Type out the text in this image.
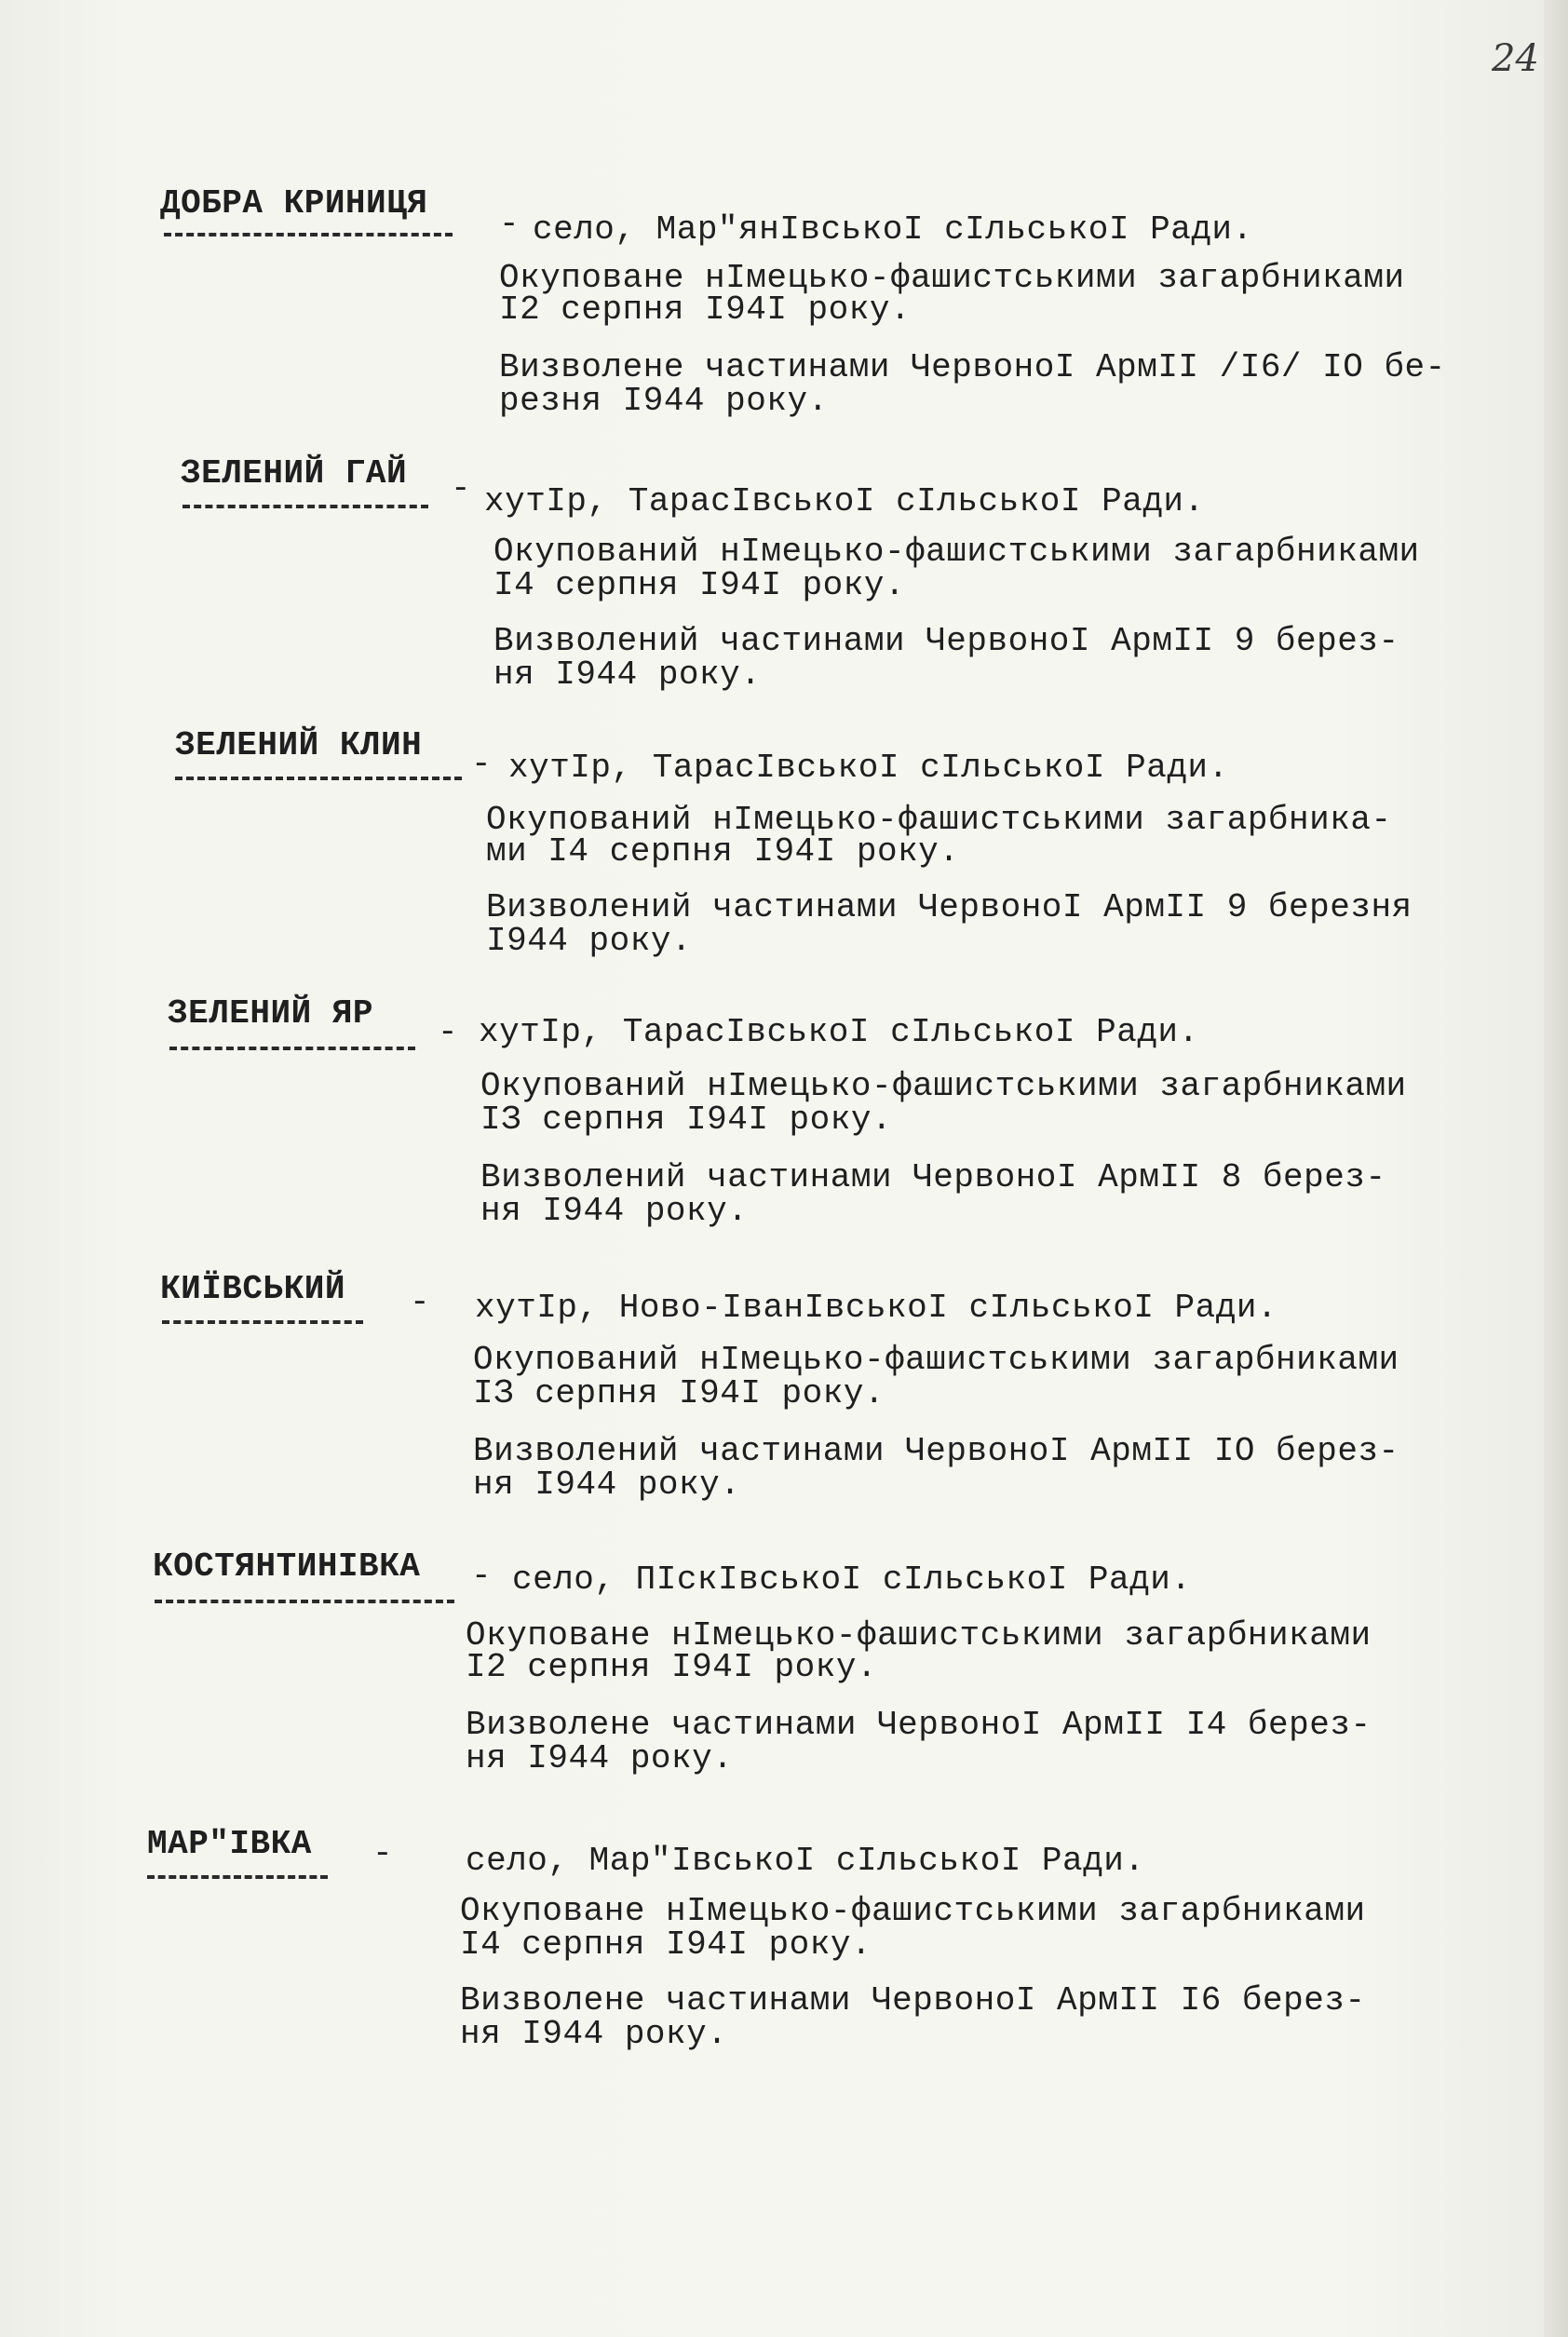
24
ДОБРА КРИНИЦЯ
- село, Мар"янІвськоІ сІльськоІ Ради.
Окуповане нІмецько-фашистськими загарбниками
І2 серпня І94І року.
Визволене частинами ЧервоноІ АрмІІ /І6/ ІО бе-
резня І944 року.
ЗЕЛЕНИЙ ГАЙ - хутІр, ТарасІвськоІ сІльськоІ Ради.
Окупований нІмецько-фашистськими загарбниками
І4 серпня І94І року.
Визволений частинами ЧервоноІ АрмІІ 9 берез-
ня І944 року.
ЗЕЛЕНИЙ КЛИН - хутІр, ТарасІвськоІ сІльськоІ Ради.
Окупований нІмецько-фашистськими загарбника-
ми І4 серпня І94І року.
Визволений частинами ЧервоноІ АрмІІ 9 березня
І944 року.
ЗЕЛЕНИЙ ЯР - хутІр, ТарасІвськоІ сІльськоІ Ради.
Окупований нІмецько-фашистськими загарбниками
ІЗ серпня І94І року.
Визволений частинами ЧервоноІ АрмІІ 8 берез-
ня І944 року.
КИЇВСЬКИЙ - хутІр, Ново-ІванІвськоІ сІльськоІ Ради.
Окупований нІмецько-фашистськими загарбниками
ІЗ серпня І94І року.
Визволений частинами ЧервоноІ АрмІІ ІО берез-
ня І944 року.
КОСТЯНТИНІВКА - село, ПІскІвськоІ сІльськоІ Ради.
Окуповане нІмецько-фашистськими загарбниками
І2 серпня І94І року.
Визволене частинами ЧервоноІ АрмІІ І4 берез-
ня І944 року.
МАР"ІВКА - село, Мар"ІвськоІ сІльськоІ Ради.
Окуповане нІмецько-фашистськими загарбниками
І4 серпня І94І року.
Визволене частинами ЧервоноІ АрмІІ І6 берез-
ня І944 року.
